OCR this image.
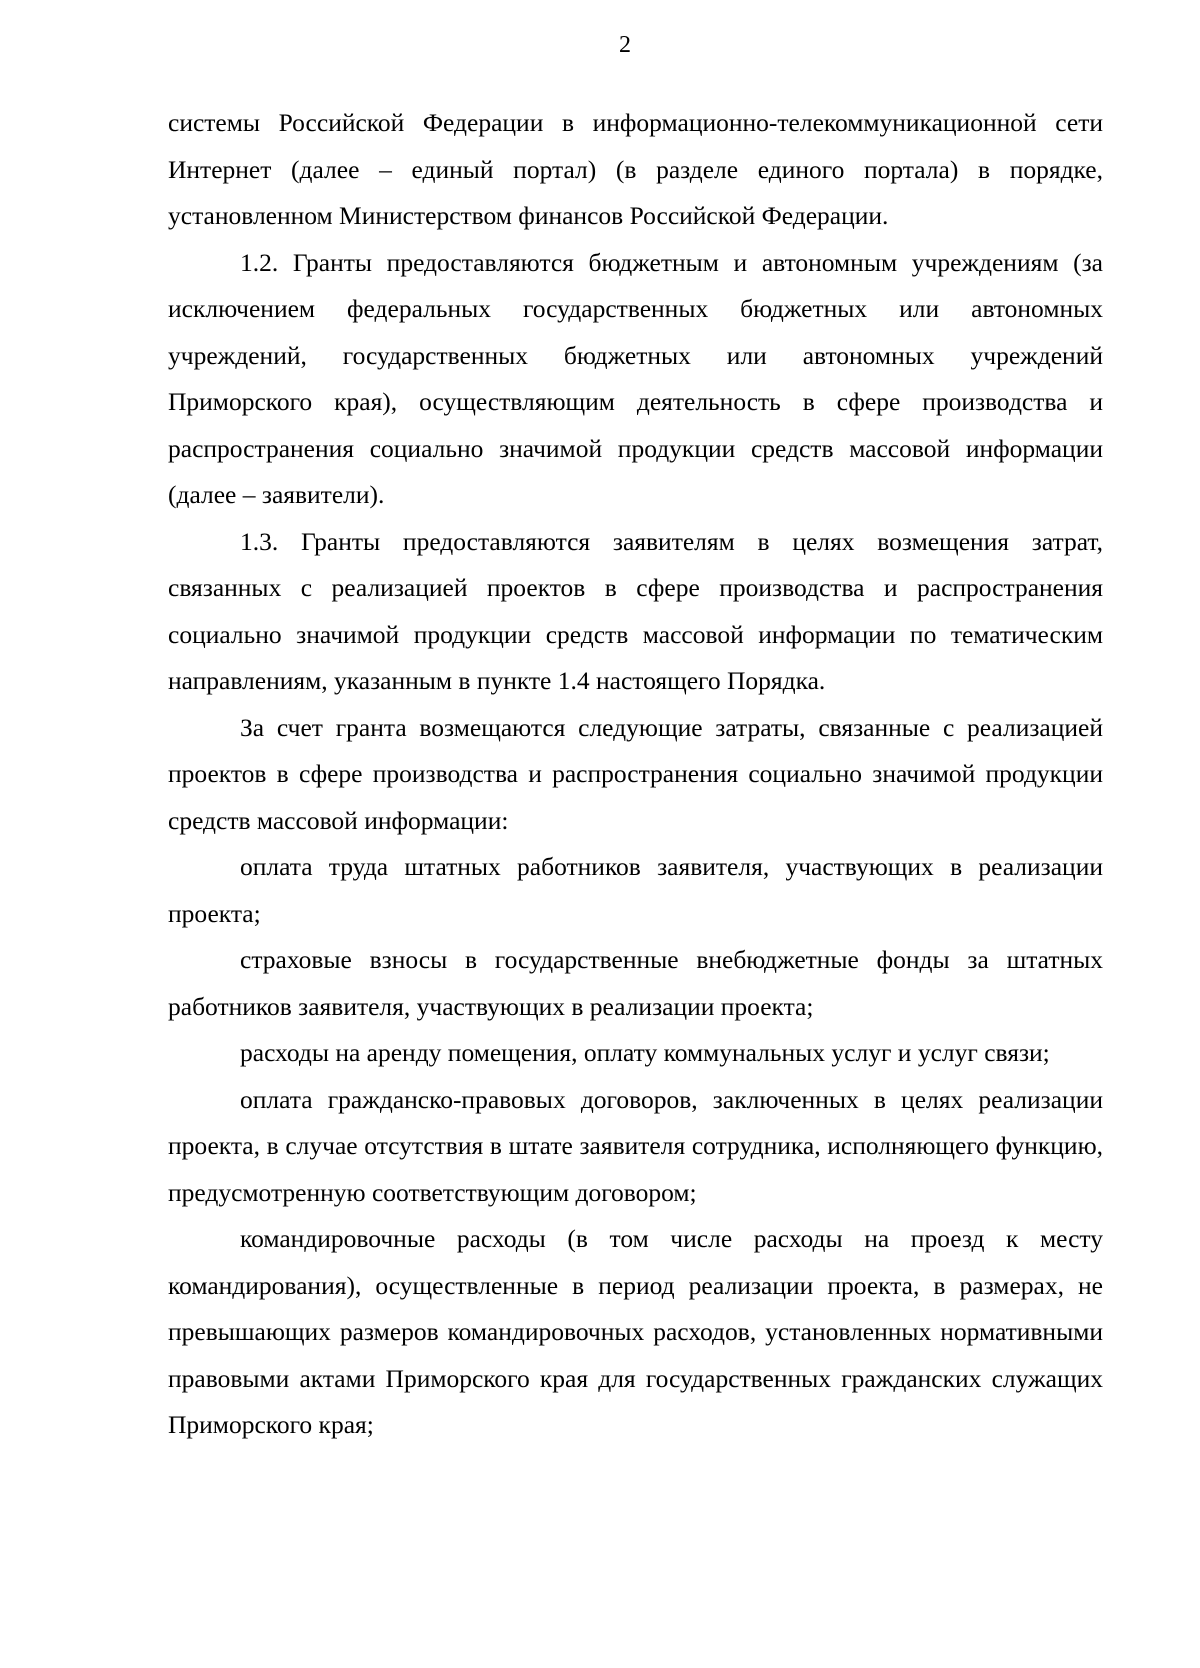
2

системы Российской Федерации в информационно-телекоммуникационной сети Интернет (далее – единый портал) (в разделе единого портала) в порядке, установленном Министерством финансов Российской Федерации.

1.2. Гранты предоставляются бюджетным и автономным учреждениям (за исключением федеральных государственных бюджетных или автономных учреждений, государственных бюджетных или автономных учреждений Приморского края), осуществляющим деятельность в сфере производства и распространения социально значимой продукции средств массовой информации (далее – заявители).

1.3. Гранты предоставляются заявителям в целях возмещения затрат, связанных с реализацией проектов в сфере производства и распространения социально значимой продукции средств массовой информации по тематическим направлениям, указанным в пункте 1.4 настоящего Порядка.

За счет гранта возмещаются следующие затраты, связанные с реализацией проектов в сфере производства и распространения социально значимой продукции средств массовой информации:

оплата труда штатных работников заявителя, участвующих в реализации проекта;

страховые взносы в государственные внебюджетные фонды за штатных работников заявителя, участвующих в реализации проекта;

расходы на аренду помещения, оплату коммунальных услуг и услуг связи;

оплата гражданско-правовых договоров, заключенных в целях реализации проекта, в случае отсутствия в штате заявителя сотрудника, исполняющего функцию, предусмотренную соответствующим договором;

командировочные расходы (в том числе расходы на проезд к месту командирования), осуществленные в период реализации проекта, в размерах, не превышающих размеров командировочных расходов, установленных нормативными правовыми актами Приморского края для государственных гражданских служащих Приморского края;
